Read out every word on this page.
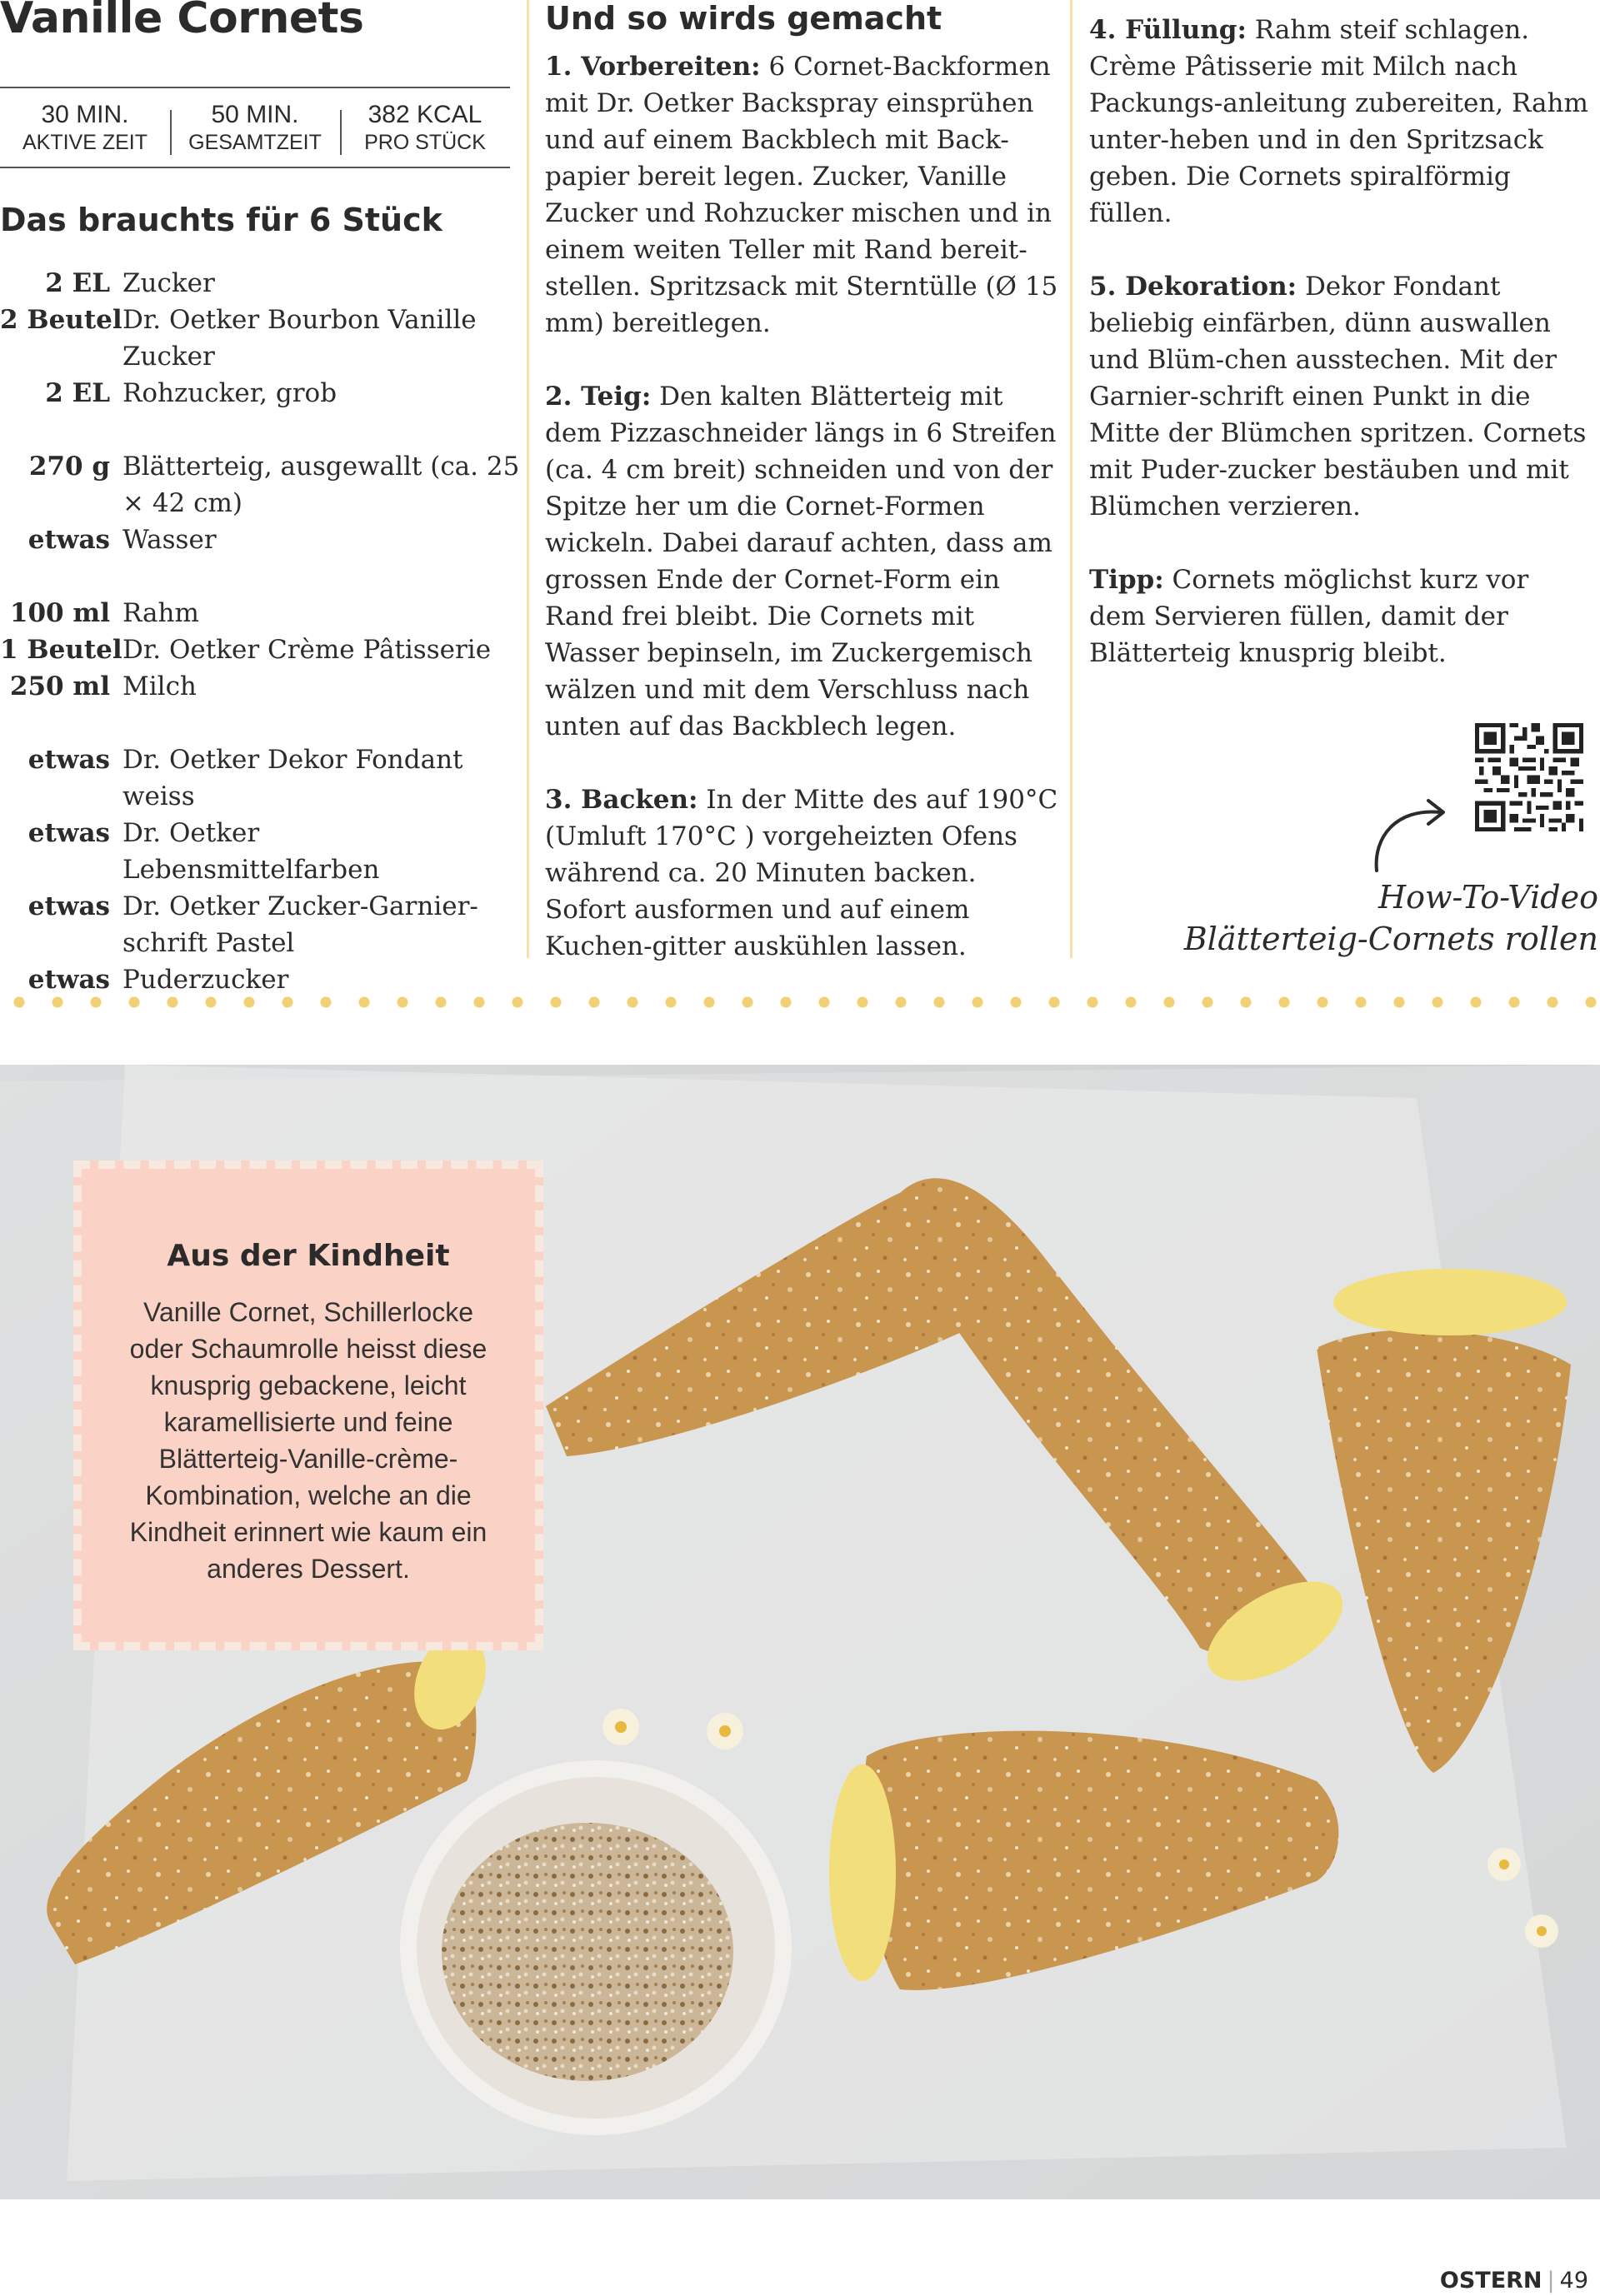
Vanille Cornets
30 MIN.
AKTIVE ZEIT
50 MIN.
GESAMTZEIT
382 KCAL
PRO STÜCK
Das brauchts für 6 Stück
2 EL Zucker
2 Beutel Dr. Oetker Bourbon Vanille Zucker
2 EL Rohzucker, grob
270 g Blätterteig, ausgewallt (ca. 25 × 42 cm)
etwas Wasser
100 ml Rahm
1 Beutel Dr. Oetker Crème Pâtisserie
250 ml Milch
etwas Dr. Oetker Dekor Fondant weiss
etwas Dr. Oetker Lebensmittelfarben
etwas Dr. Oetker Zucker-Garnier-schrift Pastel
etwas Puderzucker
Und so wirds gemacht

1. Vorbereiten: 6 Cornet-Backformen mit Dr. Oetker Backspray einsprühen und auf einem Backblech mit Back-papier bereit legen. Zucker, Vanille Zucker und Rohzucker mischen und in einem weiten Teller mit Rand bereit-stellen. Spritzsack mit Sterntülle (Ø 15 mm) bereitlegen.

2. Teig: Den kalten Blätterteig mit dem Pizzaschneider längs in 6 Streifen (ca. 4 cm breit) schneiden und von der Spitze her um die Cornet-Formen wickeln. Dabei darauf achten, dass am grossen Ende der Cornet-Form ein Rand frei bleibt. Die Cornets mit Wasser bepinseln, im Zuckergemisch wälzen und mit dem Verschluss nach unten auf das Backblech legen.

3. Backen: In der Mitte des auf 190°C (Umluft 170°C ) vorgeheizten Ofens während ca. 20 Minuten backen. Sofort ausformen und auf einem Kuchen-gitter auskühlen lassen.

4. Füllung: Rahm steif schlagen. Crème Pâtisserie mit Milch nach Packungs-anleitung zubereiten, Rahm unter-heben und in den Spritzsack geben. Die Cornets spiralförmig füllen.

5. Dekoration: Dekor Fondant beliebig einfärben, dünn auswallen und Blüm-chen ausstechen. Mit der Garnier-schrift einen Punkt in die Mitte der Blümchen spritzen. Cornets mit Puder-zucker bestäuben und mit Blümchen verzieren.

Tipp: Cornets möglichst kurz vor dem Servieren füllen, damit der Blätterteig knusprig bleibt.

How-To-Video
Blätterteig-Cornets rollen
Aus der Kindheit
Vanille Cornet, Schillerlocke oder Schaumrolle heisst diese knusprig gebackene, leicht karamellisierte und feine Blätterteig-Vanille-crème-Kombination, welche an die Kindheit erinnert wie kaum ein anderes Dessert.
OSTERN | 49
